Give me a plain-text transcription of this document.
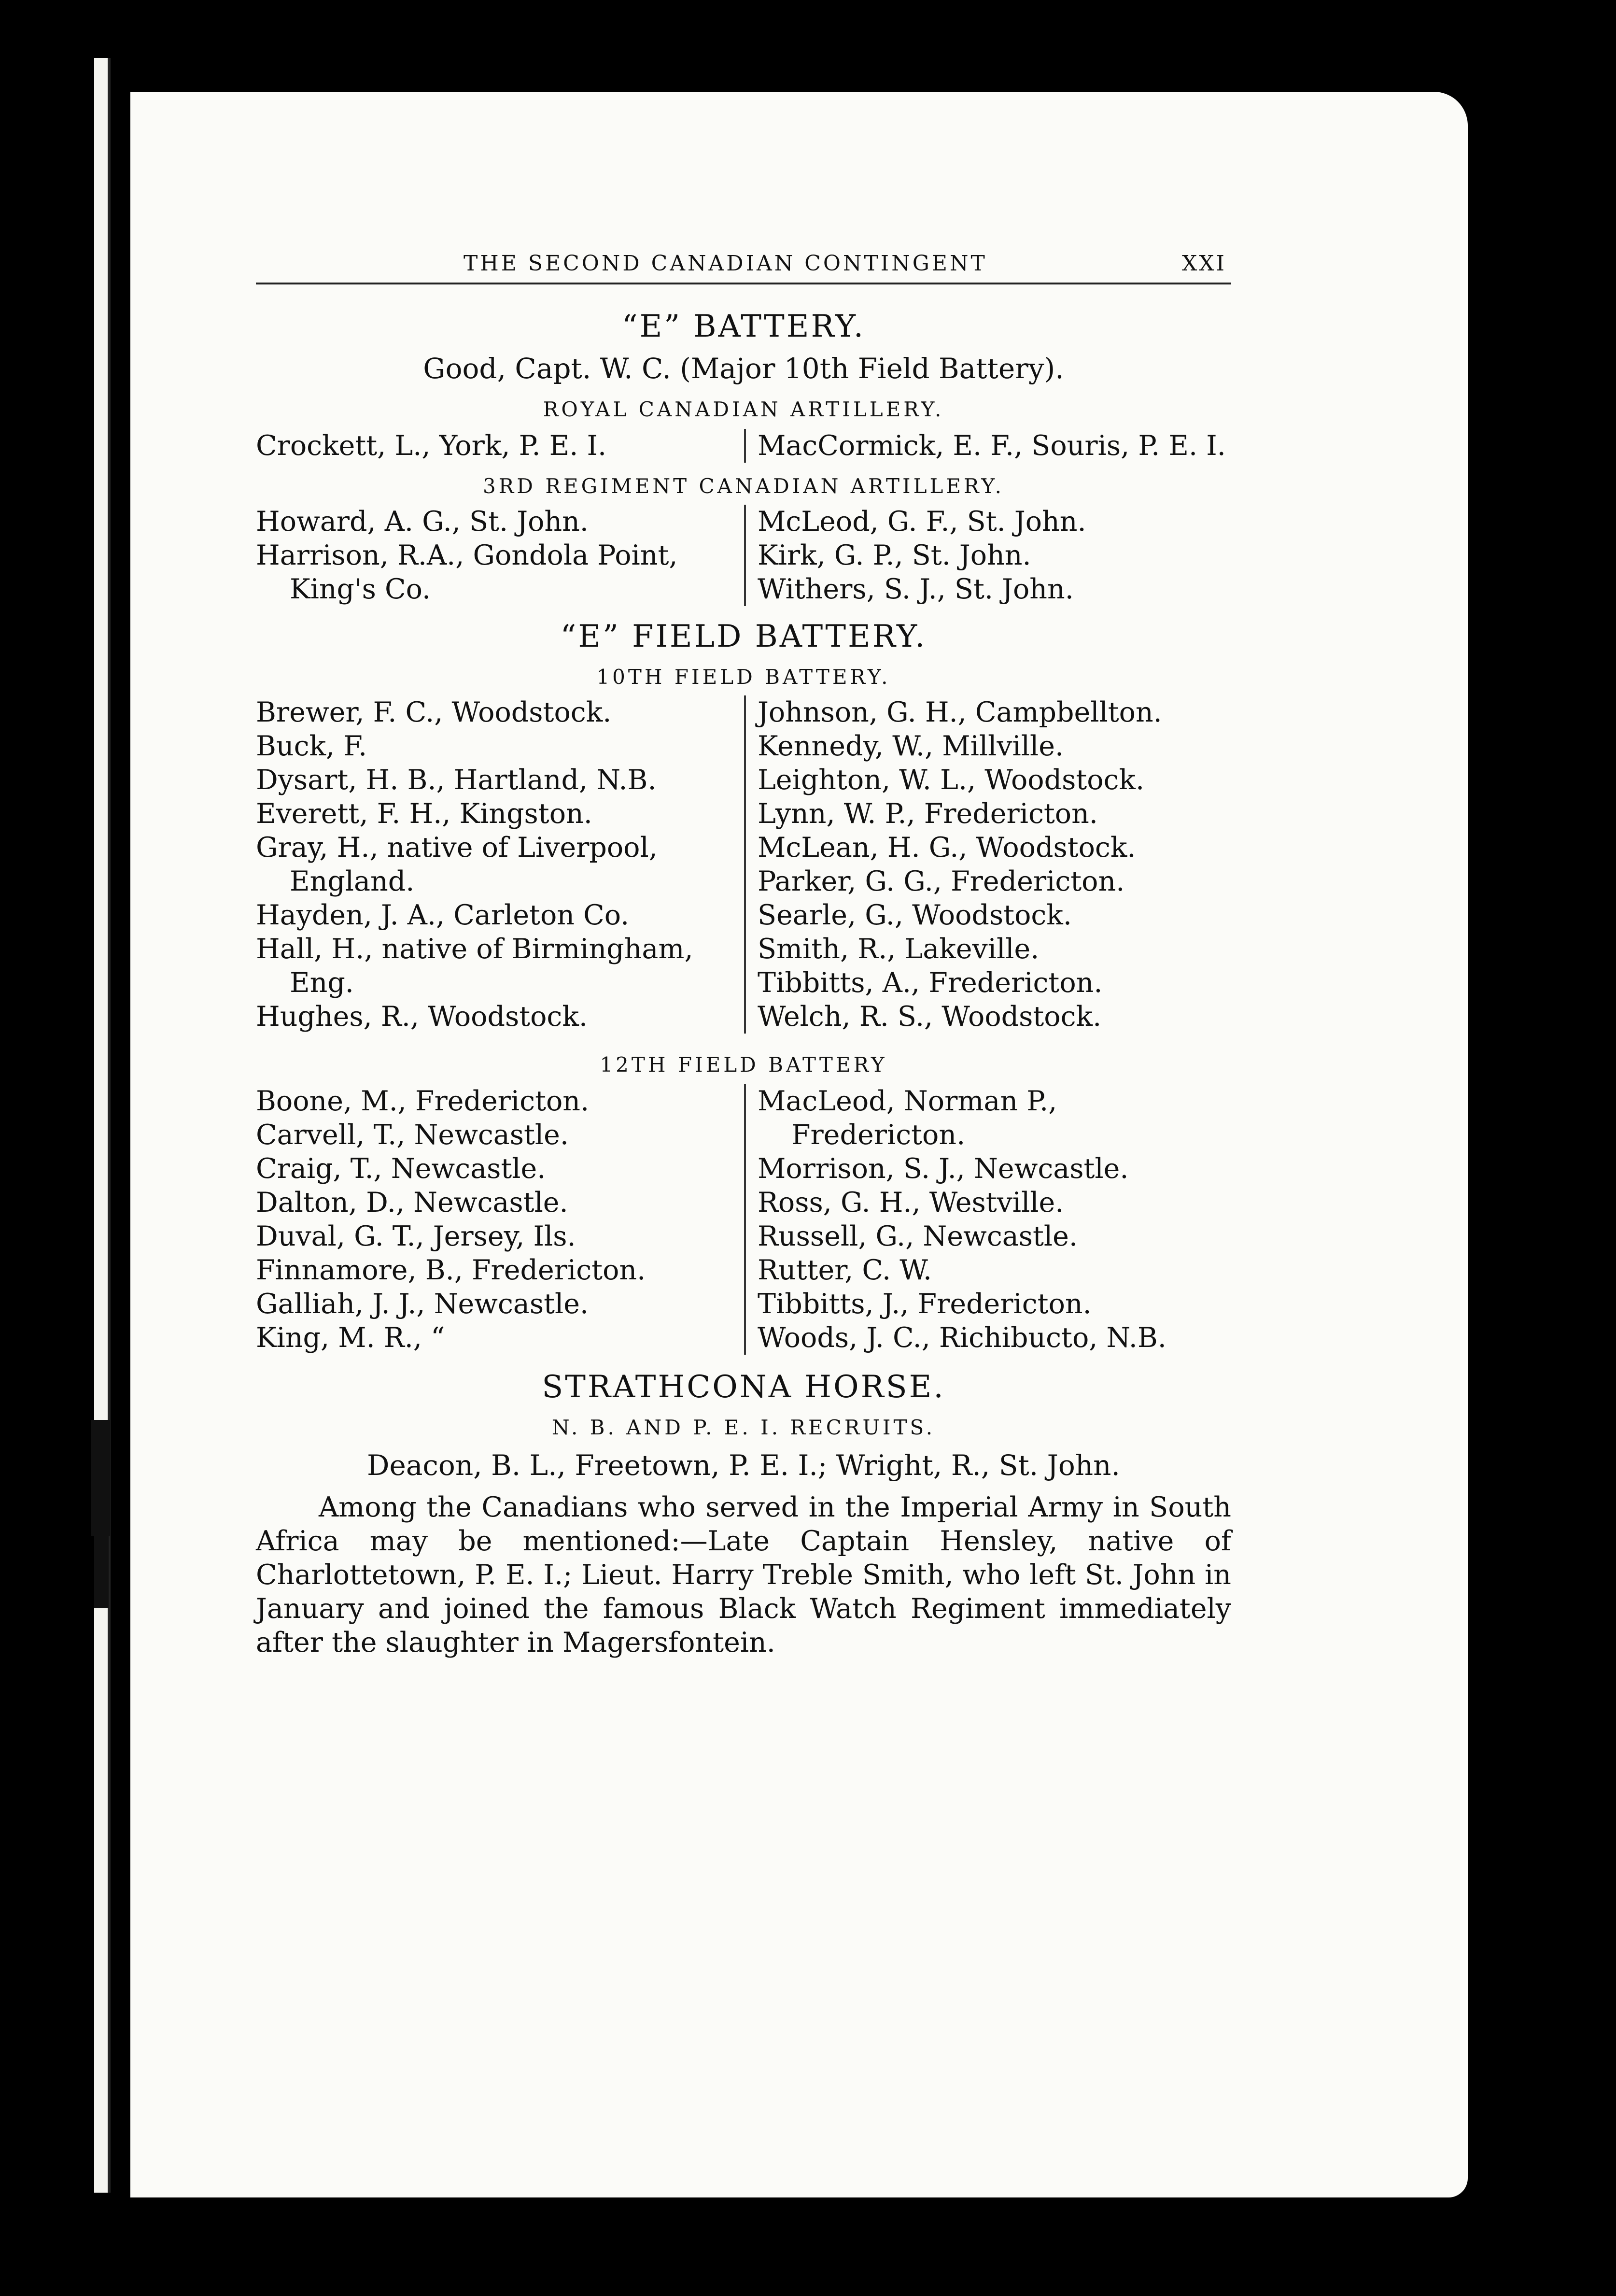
THE SECOND CANADIAN CONTINGENT	XXI
“E” BATTERY.

Good, Capt. W. C. (Major 10th Field Battery).

ROYAL CANADIAN ARTILLERY.

Crockett, L., York, P. E. I.	MacCormick, E. F., Souris, P. E. I.

3RD REGIMENT CANADIAN ARTILLERY.

Howard, A. G., St. John.
Harrison, R.A., Gondola Point, King's Co.
McLeod, G. F., St. John.
Kirk, G. P., St. John.
Withers, S. J., St. John.
“E” FIELD BATTERY.

10TH FIELD BATTERY.

Brewer, F. C., Woodstock.
Buck, F.
Dysart, H. B., Hartland, N.B.
Everett, F. H., Kingston.
Gray, H., native of Liverpool, England.
Hayden, J. A., Carleton Co.
Hall, H., native of Birmingham, Eng.
Hughes, R., Woodstock.
Johnson, G. H., Campbellton.
Kennedy, W., Millville.
Leighton, W. L., Woodstock.
Lynn, W. P., Fredericton.
McLean, H. G., Woodstock.
Parker, G. G., Fredericton.
Searle, G., Woodstock.
Smith, R., Lakeville.
Tibbitts, A., Fredericton.
Welch, R. S., Woodstock.

12TH FIELD BATTERY

Boone, M., Fredericton.
Carvell, T., Newcastle.
Craig, T., Newcastle.
Dalton, D., Newcastle.
Duval, G. T., Jersey, Ils.
Finnamore, B., Fredericton.
Galliah, J. J., Newcastle.
King, M. R., “
MacLeod, Norman P., Fredericton.
Morrison, S. J., Newcastle.
Ross, G. H., Westville.
Russell, G., Newcastle.
Rutter, C. W.
Tibbitts, J., Fredericton.
Woods, J. C., Richibucto, N.B.
STRATHCONA HORSE.

N. B. AND P. E. I. RECRUITS.

Deacon, B. L., Freetown, P. E. I.; Wright, R., St. John.

Among the Canadians who served in the Imperial Army in South Africa may be mentioned:—Late Captain Hensley, native of Charlottetown, P. E. I.; Lieut. Harry Treble Smith, who left St. John in January and joined the famous Black Watch Regiment immediately after the slaughter in Magersfontein.
